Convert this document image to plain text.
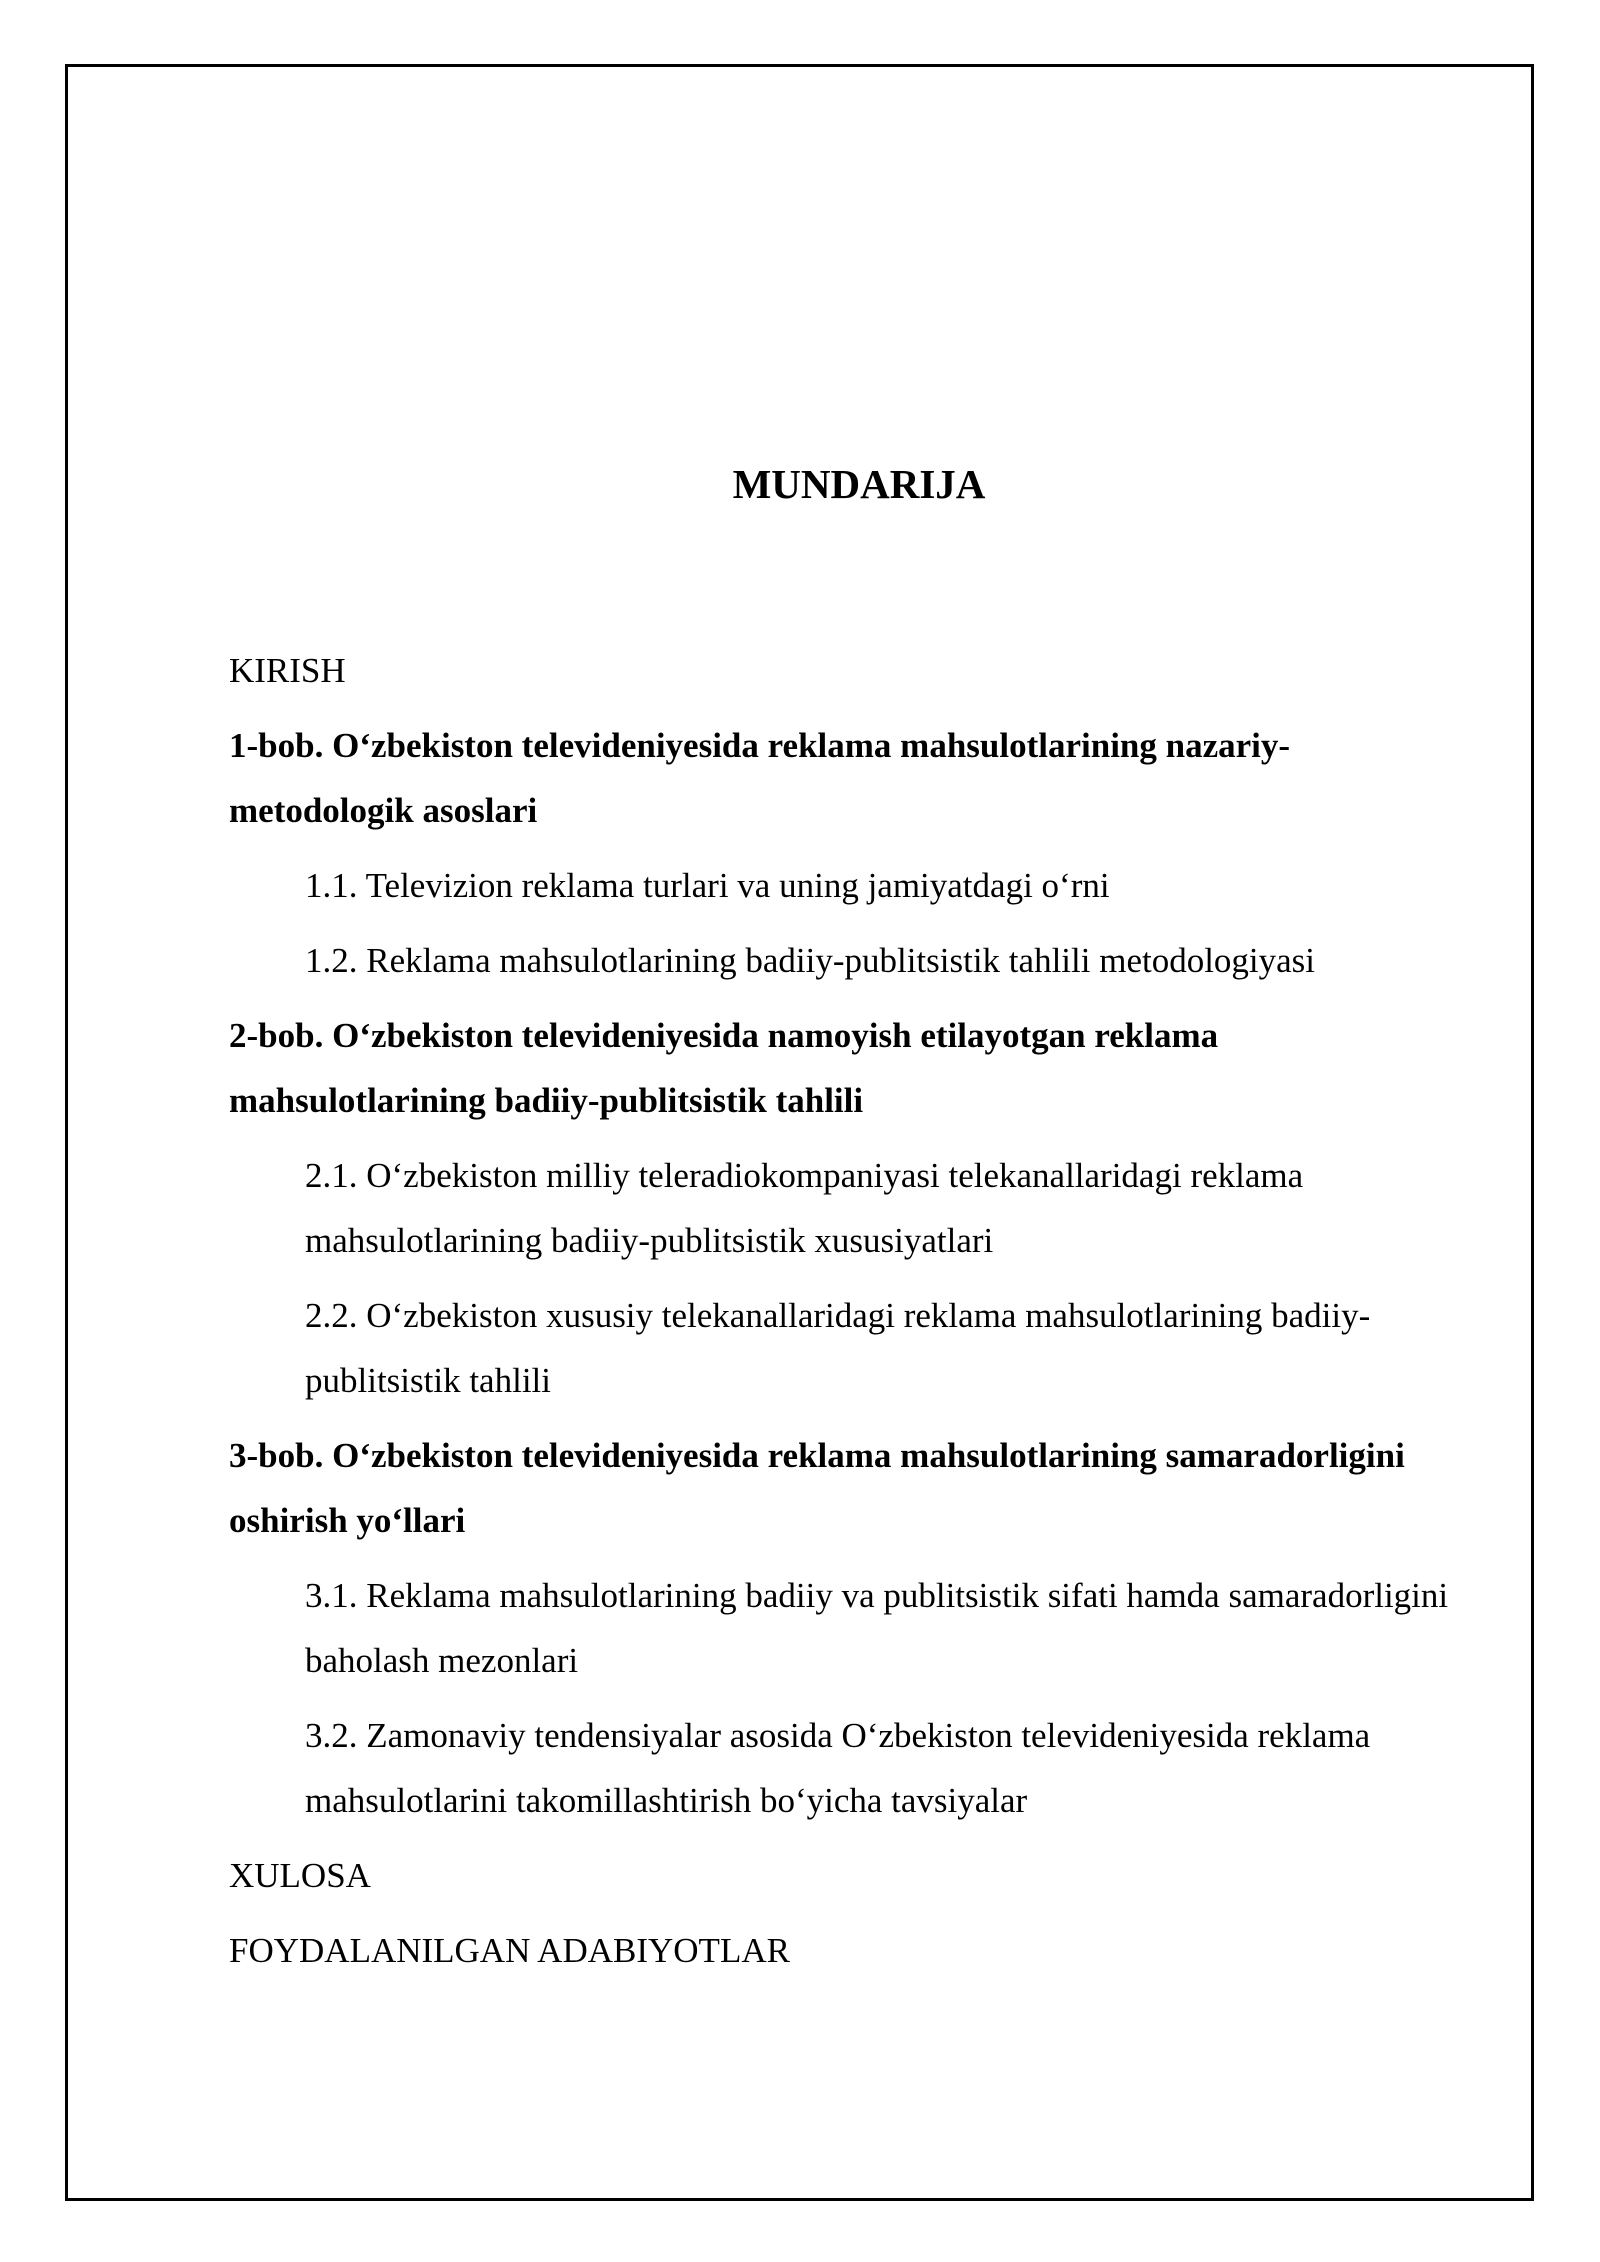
MUNDARIJA
KIRISH
1-bob. O‘zbekiston televideniyesida reklama mahsulotlarining nazariy-metodologik asoslari
1.1. Televizion reklama turlari va uning jamiyatdagi o‘rni
1.2. Reklama mahsulotlarining badiiy-publitsistik tahlili metodologiyasi
2-bob. O‘zbekiston televideniyesida namoyish etilayotgan reklama mahsulotlarining badiiy-publitsistik tahlili
2.1. O‘zbekiston milliy teleradiokompaniyasi telekanallaridagi reklama mahsulotlarining badiiy-publitsistik xususiyatlari
2.2. O‘zbekiston xususiy telekanallaridagi reklama mahsulotlarining badiiy-publitsistik tahlili
3-bob. O‘zbekiston televideniyesida reklama mahsulotlarining samaradorligini oshirish yo‘llari
3.1. Reklama mahsulotlarining badiiy va publitsistik sifati hamda samaradorligini baholash mezonlari
3.2. Zamonaviy tendensiyalar asosida O‘zbekiston televideniyesida reklama mahsulotlarini takomillashtirish bo‘yicha tavsiyalar
XULOSA
FOYDALANILGAN ADABIYOTLAR
